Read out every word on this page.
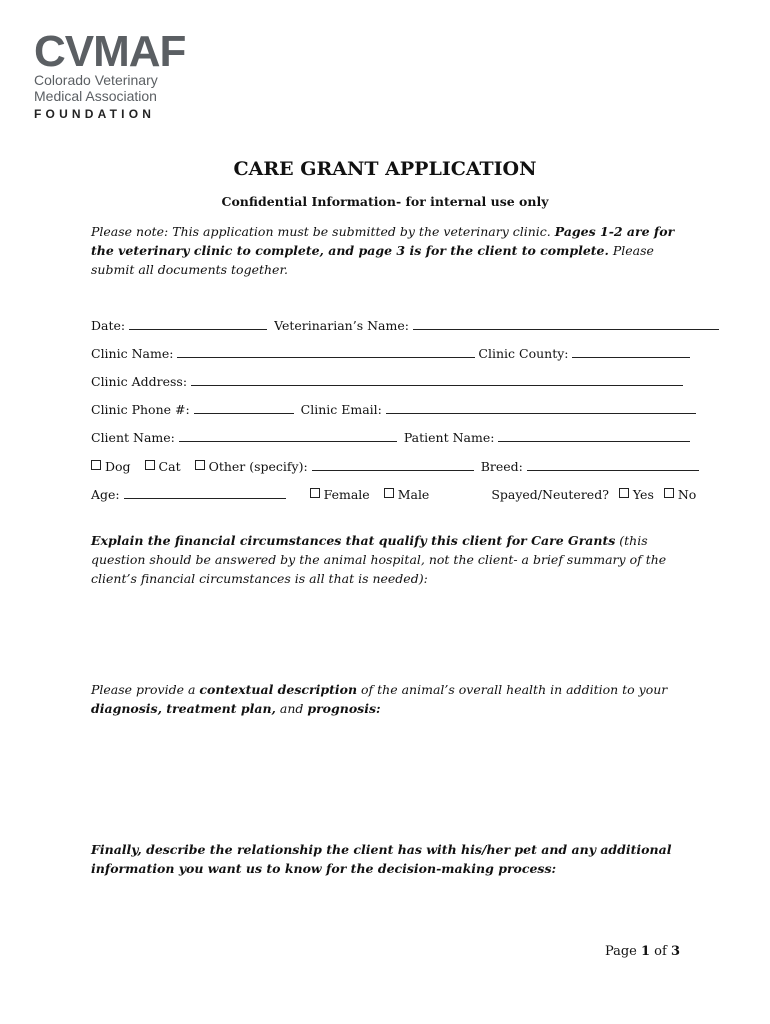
CVMAF
Colorado Veterinary
Medical Association
FOUNDATION
CARE GRANT APPLICATION
Confidential Information- for internal use only
Please note: This application must be submitted by the veterinary clinic. Pages 1-2 are for the veterinary clinic to complete, and page 3 is for the client to complete. Please submit all documents together.
Date:	Veterinarian’s Name:
Clinic Name:	Clinic County:
Clinic Address:
Clinic Phone #:	Clinic Email:
Client Name:	Patient Name:
Dog Cat Other (specify):	Breed:
Age:	Female Male	Spayed/Neutered? Yes No
Explain the financial circumstances that qualify this client for Care Grants (this question should be answered by the animal hospital, not the client- a brief summary of the client’s financial circumstances is all that is needed):
Please provide a contextual description of the animal’s overall health in addition to your diagnosis, treatment plan, and prognosis:
Finally, describe the relationship the client has with his/her pet and any additional information you want us to know for the decision-making process:
Page 1 of 3
